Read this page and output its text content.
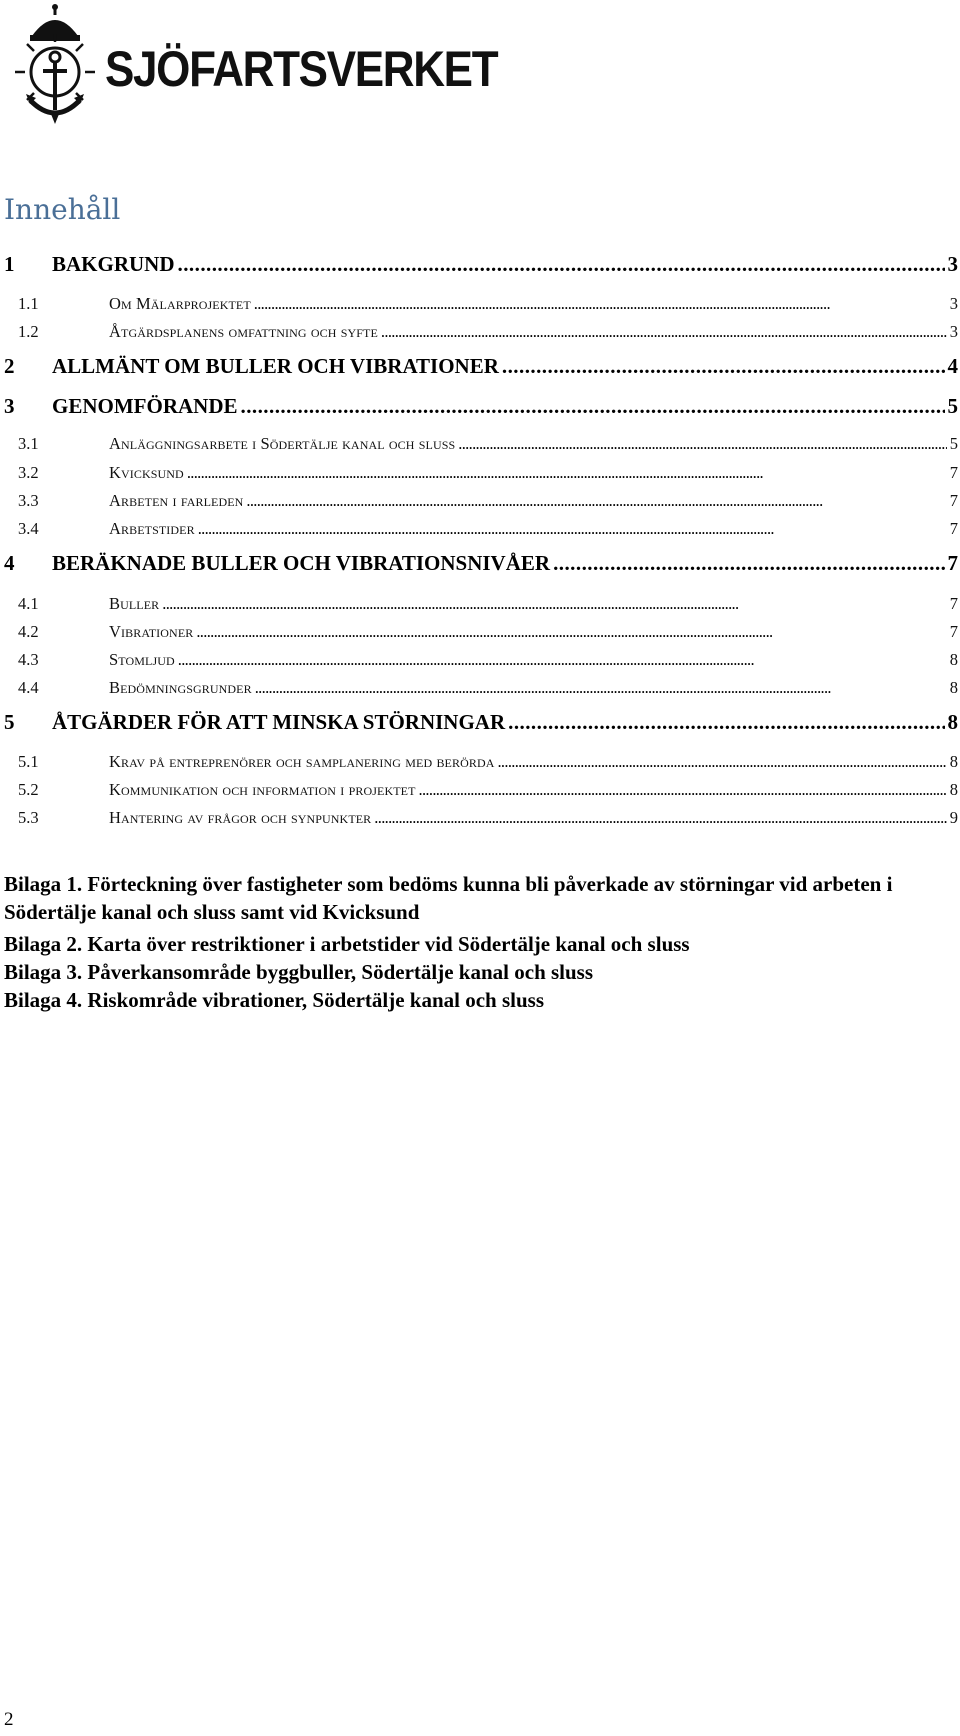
SJÖFARTSVERKET
Innehåll
1	BAKGRUND . . .	3
1.1	Om Mälarprojektet . . .	3
1.2	Åtgärdsplanens omfattning och syfte . . .	3
2	ALLMÄNT OM BULLER OCH VIBRATIONER . . .	4
3	GENOMFÖRANDE . . .	5
3.1	Anläggningsarbete i Södertälje kanal och sluss . . .	5
3.2	Kvicksund . . .	7
3.3	Arbeten i farleden . . .	7
3.4	Arbetstider . . .	7
4	BERÄKNADE BULLER OCH VIBRATIONSNIVÅER . . .	7
4.1	Buller . . .	7
4.2	Vibrationer . . .	7
4.3	Stomljud . . .	8
4.4	Bedömningsgrunder . . .	8
5	ÅTGÄRDER FÖR ATT MINSKA STÖRNINGAR . . .	8
5.1	Krav på entreprenörer och samplanering med berörda . . .	8
5.2	Kommunikation och information i projektet . . .	8
5.3	Hantering av frågor och synpunkter . . .	9

Bilaga 1. Förteckning över fastigheter som bedöms kunna bli påverkade av störningar vid arbeten i Södertälje kanal och sluss samt vid Kvicksund

Bilaga 2. Karta över restriktioner i arbetstider vid Södertälje kanal och sluss

Bilaga 3. Påverkansområde byggbuller, Södertälje kanal och sluss

Bilaga 4. Riskområde vibrationer, Södertälje kanal och sluss

2
